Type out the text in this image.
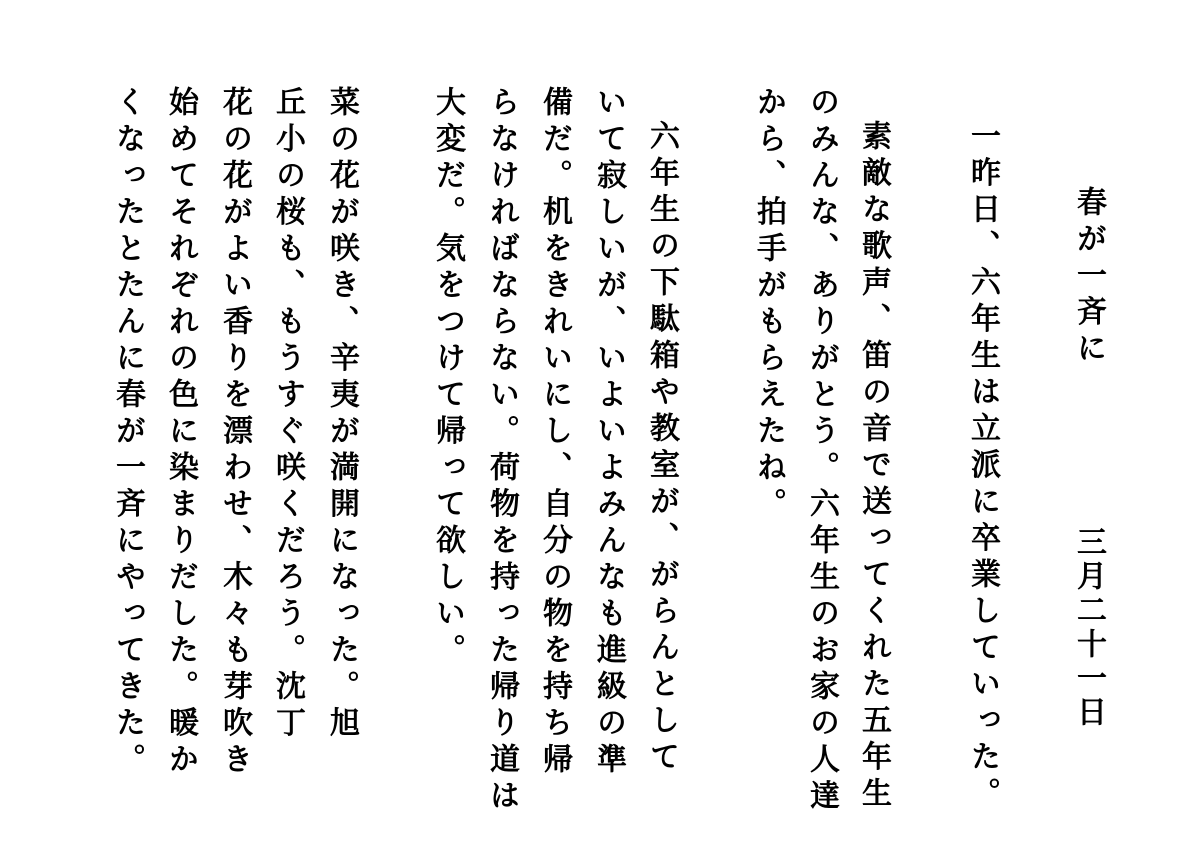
春が一斉に
三月二十一日
一昨日、六年生は立派に卒業していった。
素敵な歌声、笛の音で送ってくれた五年生
のみんな、ありがとう。六年生のお家の人達
から、拍手がもらえたね。
六年生の下駄箱や教室が、がらんとして
いて寂しいが、いよいよみんなも進級の準
備だ。机をきれいにし、自分の物を持ち帰
らなければならない。荷物を持った帰り道は
大変だ。気をつけて帰って欲しい。
菜の花が咲き、辛夷が満開になった。旭
丘小の桜も、もうすぐ咲くだろう。沈丁
花の花がよい香りを漂わせ、木々も芽吹き
始めてそれぞれの色に染まりだした。暖か
くなったとたんに春が一斉にやってきた。
